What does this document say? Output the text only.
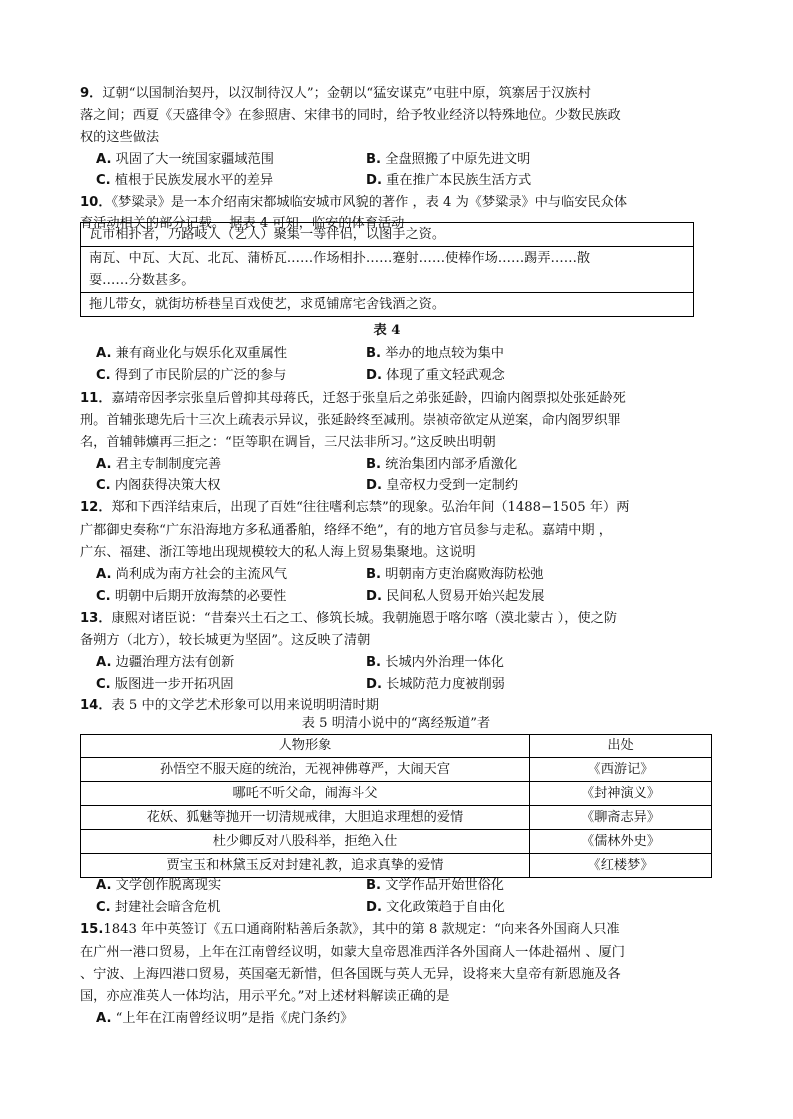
9．辽朝“以国制治契丹，以汉制待汉人”；金朝以“猛安谋克”屯驻中原，筑寨居于汉族村
落之间；西夏《天盛律令》在参照唐、宋律书的同时，给予牧业经济以特殊地位。少数民族政
权的这些做法
A. 巩固了大一统国家疆域范围	B. 全盘照搬了中原先进文明
C. 植根于民族发展水平的差异	D. 重在推广本民族生活方式
10．《梦粱录》是一本介绍南宋都城临安城市风貌的著作 ，表 4 为《梦粱录》中与临安民众体
育活动相关的部分记载。 据表 4 可知，临安的体育活动
瓦市相扑者，乃路岐人（艺人）聚集一等伴侣，以图手之资。

南瓦、中瓦、大瓦、北瓦、蒲桥瓦……作场相扑……蹇射……使棒作场……踢弄……散
耍……分数甚多。

拖儿带女，就街坊桥巷呈百戏使艺，求觅铺席宅舍钱酒之资。
表 4
A. 兼有商业化与娱乐化双重属性	B. 举办的地点较为集中
C. 得到了市民阶层的广泛的参与	D. 体现了重文轻武观念
11．嘉靖帝因孝宗张皇后曾抑其母蒋氏，迁怒于张皇后之弟张延龄，四谕内阁票拟处张延龄死
刑。首辅张璁先后十三次上疏表示异议，张延龄终至减刑。崇祯帝欲定从逆案，命内阁罗织罪
名，首辅韩爌再三拒之：“臣等职在调旨，三尺法非所习。”这反映出明朝
A. 君主专制制度完善	B. 统治集团内部矛盾激化
C. 内阁获得决策大权	D. 皇帝权力受到一定制约
12．郑和下西洋结束后，出现了百姓“往往嗜利忘禁”的现象。弘治年间（1488−1505 年）两
广都御史奏称“广东沿海地方多私通番舶，络绎不绝”，有的地方官员参与走私。嘉靖中期 ，
广东、福建、浙江等地出现规模较大的私人海上贸易集聚地。这说明
A. 尚利成为南方社会的主流风气	B. 明朝南方吏治腐败海防松弛
C. 明朝中后期开放海禁的必要性	D. 民间私人贸易开始兴起发展
13．康熙对诸臣说：“昔秦兴土石之工、修筑长城。我朝施恩于喀尔喀（漠北蒙古 ），使之防
备朔方（北方），较长城更为坚固”。这反映了清朝
A. 边疆治理方法有创新	B. 长城内外治理一体化
C. 版图进一步开拓巩固	D. 长城防范力度被削弱
14．表 5 中的文学艺术形象可以用来说明明清时期
表 5 明清小说中的“离经叛道”者
人物形象	出处
孙悟空不服天庭的统治，无视神佛尊严，大闹天宫	《西游记》
哪吒不听父命，闹海斗父	《封神演义》
花妖、狐魅等抛开一切清规戒律，大胆追求理想的爱情	《聊斋志异》
杜少卿反对八股科举，拒绝入仕	《儒林外史》
贾宝玉和林黛玉反对封建礼教，追求真挚的爱情	《红楼梦》
A. 文学创作脱离现实	B. 文学作品开始世俗化
C. 封建社会暗含危机	D. 文化政策趋于自由化
15.1843 年中英签订《五口通商附粘善后条款》，其中的第 8 款规定：“向来各外国商人只准
在广州一港口贸易，上年在江南曾经议明，如蒙大皇帝恩准西洋各外国商人一体赴福州 、厦门
、宁波、上海四港口贸易，英国毫无新惜，但各国既与英人无异，设将来大皇帝有新恩施及各
国，亦应准英人一体均沾，用示平允。”对上述材料解读正确的是
A. “上年在江南曾经议明”是指《虎门条约》
